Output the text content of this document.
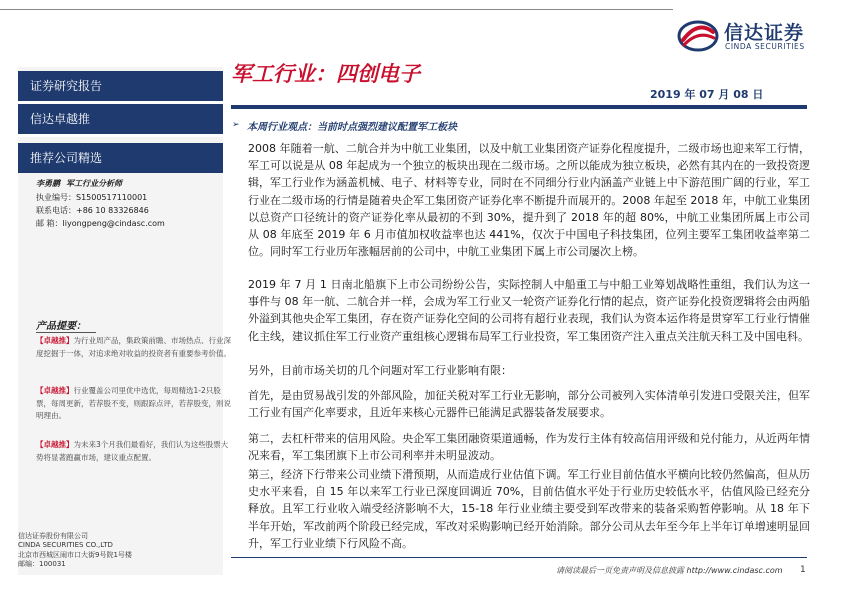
信达证券
CINDA SECURITIES
证券研究报告
信达卓越推
推荐公司精选
李勇鹏 军工行业分析师
执业编号：S1500517110001
联系电话：+86 10 83326846
邮 箱：liyongpeng@cindasc.com
产品提要：
【卓越推】为行业周产品，集政策前瞻、市场热点、行业深度挖掘于一体，对追求绝对收益的投资者有重要参考价值。
【卓越推】行业覆盖公司里优中选优，每周精选1-2只股票，每周更新，若荐股不变，则跟踪点评，若荐股变，则说明理由。
【卓越推】为未来3个月我们最看好，我们认为这些股票大势将显著跑赢市场，建议重点配置。
信达证券股份有限公司
CINDA SECURITIES CO.,LTD
北京市西城区闹市口大街9号院1号楼
邮编：100031
军工行业：四创电子
2019 年 07 月 08 日
➢ 本周行业观点：当前时点强烈建议配置军工板块
2008 年随着一航、二航合并为中航工业集团，以及中航工业集团资产证券化程度提升，二级市场也迎来军工行情，军工可以说是从 08 年起成为一个独立的板块出现在二级市场。之所以能成为独立板块，必然有其内在的一致投资逻辑，军工行业作为涵盖机械、电子、材料等专业，同时在不同细分行业内涵盖产业链上中下游范围广阔的行业，军工行业在二级市场的行情是随着央企军工集团资产证券化率不断提升而展开的。2008 年起至 2018 年，中航工业集团以总资产口径统计的资产证券化率从最初的不到 30%，提升到了 2018 年的超 80%，中航工业集团所属上市公司从 08 年底至 2019 年 6 月市值加权收益率也达 441%，仅次于中国电子科技集团，位列主要军工集团收益率第二位。同时军工行业历年涨幅居前的公司中，中航工业集团下属上市公司屡次上榜。
2019 年 7 月 1 日南北船旗下上市公司纷纷公告，实际控制人中船重工与中船工业筹划战略性重组，我们认为这一事件与 08 年一航、二航合并一样，会成为军工行业又一轮资产证券化行情的起点，资产证券化投资逻辑将会由两船外溢到其他央企军工集团，存在资产证券化空间的公司将有超行业表现，我们认为资本运作将是贯穿军工行业行情催化主线，建议抓住军工行业资产重组核心逻辑布局军工行业投资，军工集团资产注入重点关注航天科工及中国电科。
另外，目前市场关切的几个问题对军工行业影响有限：
首先，是由贸易战引发的外部风险，加征关税对军工行业无影响，部分公司被列入实体清单引发进口受限关注，但军工行业有国产化率要求，且近年来核心元器件已能满足武器装备发展要求。
第二，去杠杆带来的信用风险。央企军工集团融资渠道通畅，作为发行主体有较高信用评级和兑付能力，从近两年情况来看，军工集团旗下上市公司利率并未明显波动。
第三，经济下行带来公司业绩下滑预期，从而造成行业估值下调。军工行业目前估值水平横向比较仍然偏高，但从历史水平来看，自 15 年以来军工行业已深度回调近 70%，目前估值水平处于行业历史较低水平，估值风险已经充分释放。且军工行业收入端受经济影响不大，15-18 年行业业绩主要受到军改带来的装备采购暂停影响。从 18 年下半年开始，军改前两个阶段已经完成，军改对采购影响已经开始消除。部分公司从去年至今年上半年订单增速明显回升，军工行业业绩下行风险不高。
请阅读最后一页免责声明及信息披露 http://www.cindasc.com 1
